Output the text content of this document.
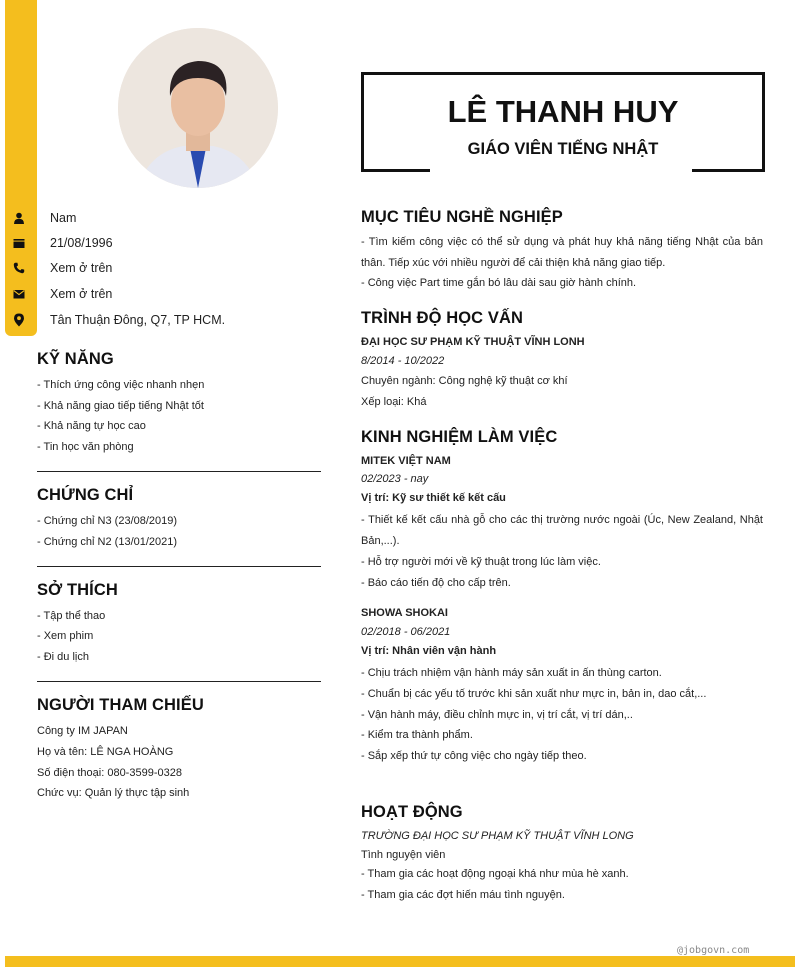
Nam
21/08/1996
Xem ở trên
Xem ở trên
Tân Thuận Đông, Q7, TP HCM.
KỸ NĂNG
- Thích ứng công việc nhanh nhẹn
- Khả năng giao tiếp tiếng Nhật tốt
- Khả năng tự học cao
- Tin học văn phòng
CHỨNG CHỈ
- Chứng chỉ N3 (23/08/2019)
- Chứng chỉ N2 (13/01/2021)
SỞ THÍCH
- Tập thể thao
- Xem phim
- Đi du lịch
NGƯỜI THAM CHIẾU
Công ty IM JAPAN
Họ và tên: LÊ NGA HOÀNG
Số điện thoại: 080-3599-0328
Chức vụ: Quản lý thực tập sinh
LÊ THANH HUY
GIÁO VIÊN TIẾNG NHẬT
MỤC TIÊU NGHỀ NGHIỆP
- Tìm kiếm công việc có thể sử dụng và phát huy khả năng tiếng Nhật của bản thân. Tiếp xúc với nhiều người để cải thiện khả năng giao tiếp.
- Công việc Part time gắn bó lâu dài sau giờ hành chính.
TRÌNH ĐỘ HỌC VẤN
ĐẠI HỌC SƯ PHẠM KỸ THUẬT VĨNH LONH
8/2014 - 10/2022
Chuyên ngành: Công nghệ kỹ thuật cơ khí
Xếp loại: Khá
KINH NGHIỆM LÀM VIỆC
MITEK VIỆT NAM
02/2023 - nay
Vị trí: Kỹ sư thiết kế kết cấu
- Thiết kế kết cấu nhà gỗ cho các thị trường nước ngoài (Úc, New Zealand, Nhật Bản,...).
- Hỗ trợ người mới về kỹ thuật trong lúc làm việc.
- Báo cáo tiến độ cho cấp trên.
SHOWA SHOKAI
02/2018 - 06/2021
Vị trí: Nhân viên vận hành
- Chịu trách nhiệm vận hành máy sản xuất in ấn thùng carton.
- Chuẩn bị các yếu tố trước khi sản xuất như mực in, bản in, dao cắt,...
- Vận hành máy, điều chỉnh mực in, vị trí cắt, vị trí dán,..
- Kiểm tra thành phẩm.
- Sắp xếp thứ tự công việc cho ngày tiếp theo.
HOẠT ĐỘNG
TRƯỜNG ĐẠI HỌC SƯ PHẠM KỸ THUẬT VĨNH LONG
Tình nguyện viên
- Tham gia các hoạt động ngoại khá như mùa hè xanh.
- Tham gia các đợt hiến máu tình nguyện.
@jobgovn.com
